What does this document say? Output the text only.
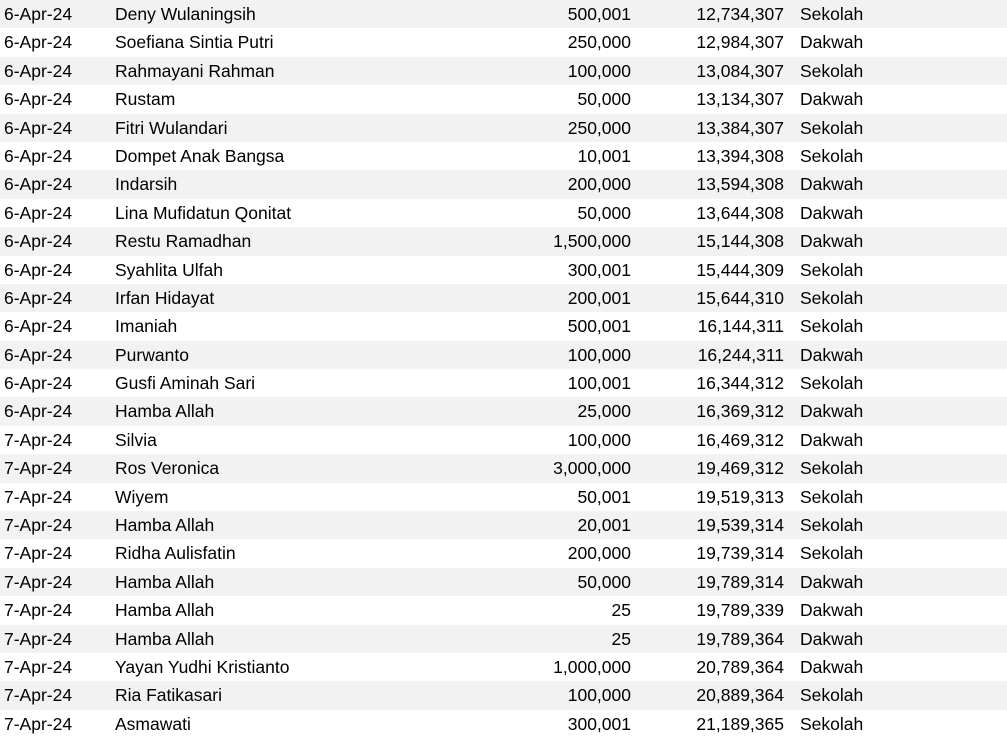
6-Apr-24	Deny Wulaningsih	500,001	12,734,307 Sekolah
6-Apr-24	Soefiana Sintia Putri	250,000	12,984,307 Dakwah
6-Apr-24	Rahmayani Rahman	100,000	13,084,307 Sekolah
6-Apr-24	Rustam	50,000	13,134,307 Dakwah
6-Apr-24	Fitri Wulandari	250,000	13,384,307 Sekolah
6-Apr-24	Dompet Anak Bangsa	10,001	13,394,308 Sekolah
6-Apr-24	Indarsih	200,000	13,594,308 Dakwah
6-Apr-24	Lina Mufidatun Qonitat	50,000	13,644,308 Dakwah
6-Apr-24	Restu Ramadhan	1,500,000	15,144,308 Dakwah
6-Apr-24	Syahlita Ulfah	300,001	15,444,309 Sekolah
6-Apr-24	Irfan Hidayat	200,001	15,644,310 Sekolah
6-Apr-24	Imaniah	500,001	16,144,311 Sekolah
6-Apr-24	Purwanto	100,000	16,244,311 Dakwah
6-Apr-24	Gusfi Aminah Sari	100,001	16,344,312 Sekolah
6-Apr-24	Hamba Allah	25,000	16,369,312 Dakwah
7-Apr-24	Silvia	100,000	16,469,312 Dakwah
7-Apr-24	Ros Veronica	3,000,000	19,469,312 Sekolah
7-Apr-24	Wiyem	50,001	19,519,313 Sekolah
7-Apr-24	Hamba Allah	20,001	19,539,314 Sekolah
7-Apr-24	Ridha Aulisfatin	200,000	19,739,314 Sekolah
7-Apr-24	Hamba Allah	50,000	19,789,314 Dakwah
7-Apr-24	Hamba Allah	25	19,789,339 Dakwah
7-Apr-24	Hamba Allah	25	19,789,364 Dakwah
7-Apr-24	Yayan Yudhi Kristianto	1,000,000	20,789,364 Dakwah
7-Apr-24	Ria Fatikasari	100,000	20,889,364 Sekolah
7-Apr-24	Asmawati	300,001	21,189,365 Sekolah
